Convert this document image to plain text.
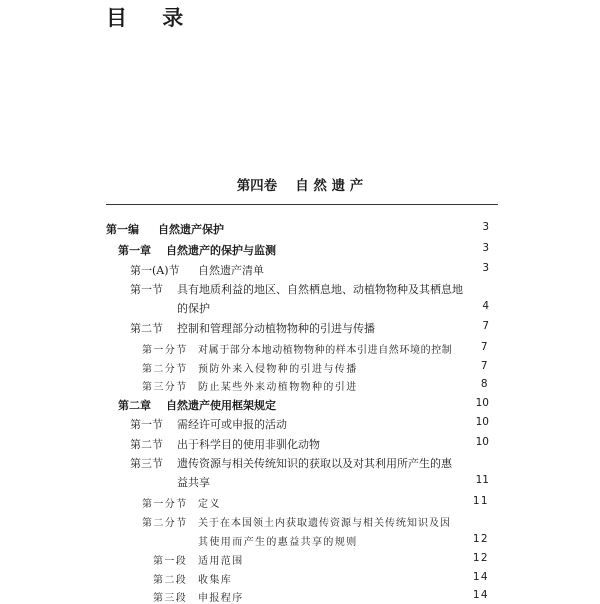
目 录
第四卷 自 然 遗 产
第一编 自然遗产保护	3
第一章 自然遗产的保护与监测	3
第一(A)节 自然遗产清单	3
第一节 具有地质利益的地区、自然栖息地、动植物物种及其栖息地
的保护	4
第二节 控制和管理部分动植物物种的引进与传播	7
第一分节 对属于部分本地动植物物种的样本引进自然环境的控制	7
第二分节 预防外来入侵物种的引进与传播	7
第三分节 防止某些外来动植物物种的引进	8
第二章 自然遗产使用框架规定	10
第一节 需经许可或申报的活动	10
第二节 出于科学目的使用非驯化动物	10
第三节 遗传资源与相关传统知识的获取以及对其利用所产生的惠
益共享	11
第一分节 定义	11
第二分节 关于在本国领土内获取遗传资源与相关传统知识及因
其使用而产生的惠益共享的规则	12
第一段 适用范围	12
第二段 收集库	14
第三段 申报程序	14
